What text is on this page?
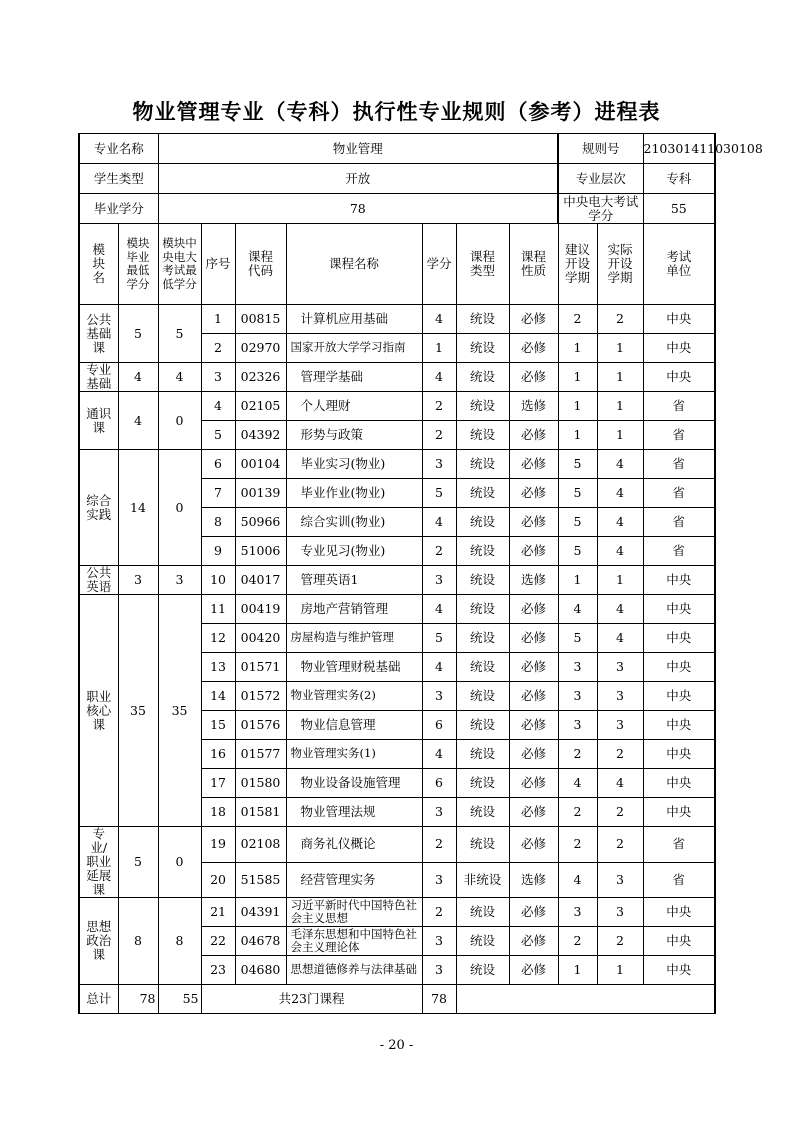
物业管理专业（专科）执行性专业规则（参考）进程表
专业名称		物业管理							规则号		210301411030108
学生类型		开放							专业层次		专科
毕业学分		78							中央电大考试学分		55

模块名	模块毕业最低学分	模块中央电大考试最低学分	序号	课程代码	课程名称	学分	课程类型	课程性质	建议开设学期	实际开设学期	考试单位

公共基础课	5	5	1	00815	计算机应用基础	4	统设	必修	2	2	中央
			2	02970	国家开放大学学习指南	1	统设	必修	1	1	中央

专业基础	4	4	3	02326	管理学基础	4	统设	必修	1	1	中央

通识课	4	0	4	02105	个人理财	2	统设	选修	1	1	省
			5	04392	形势与政策	2	统设	必修	1	1	省

综合实践	14	0	6	00104	毕业实习(物业)	3	统设	必修	5	4	省
			7	00139	毕业作业(物业)	5	统设	必修	5	4	省
			8	50966	综合实训(物业)	4	统设	必修	5	4	省
			9	51006	专业见习(物业)	2	统设	必修	5	4	省

公共英语	3	3	10	04017	管理英语1	3	统设	选修	1	1	中央

职业核心课	35	35	11	00419	房地产营销管理	4	统设	必修	4	4	中央
			12	00420	房屋构造与维护管理	5	统设	必修	5	4	中央
			13	01571	物业管理财税基础	4	统设	必修	3	3	中央
			14	01572	物业管理实务(2)	3	统设	必修	3	3	中央
			15	01576	物业信息管理	6	统设	必修	3	3	中央
			16	01577	物业管理实务(1)	4	统设	必修	2	2	中央
			17	01580	物业设备设施管理	6	统设	必修	4	4	中央
			18	01581	物业管理法规	3	统设	必修	2	2	中央

专业/职业延展课	5	0	19	02108	商务礼仪概论	2	统设	必修	2	2	省
			20	51585	经营管理实务	3	非统设	选修	4	3	省

思想政治课	8	8	21	04391	习近平新时代中国特色社会主义思想	2	统设	必修	3	3	中央
			22	04678	毛泽东思想和中国特色社会主义理论体	3	统设	必修	2	2	中央
			23	04680	思想道德修养与法律基础	3	统设	必修	1	1	中央
总计	78	55	共23门课程			78					
- 20 -
